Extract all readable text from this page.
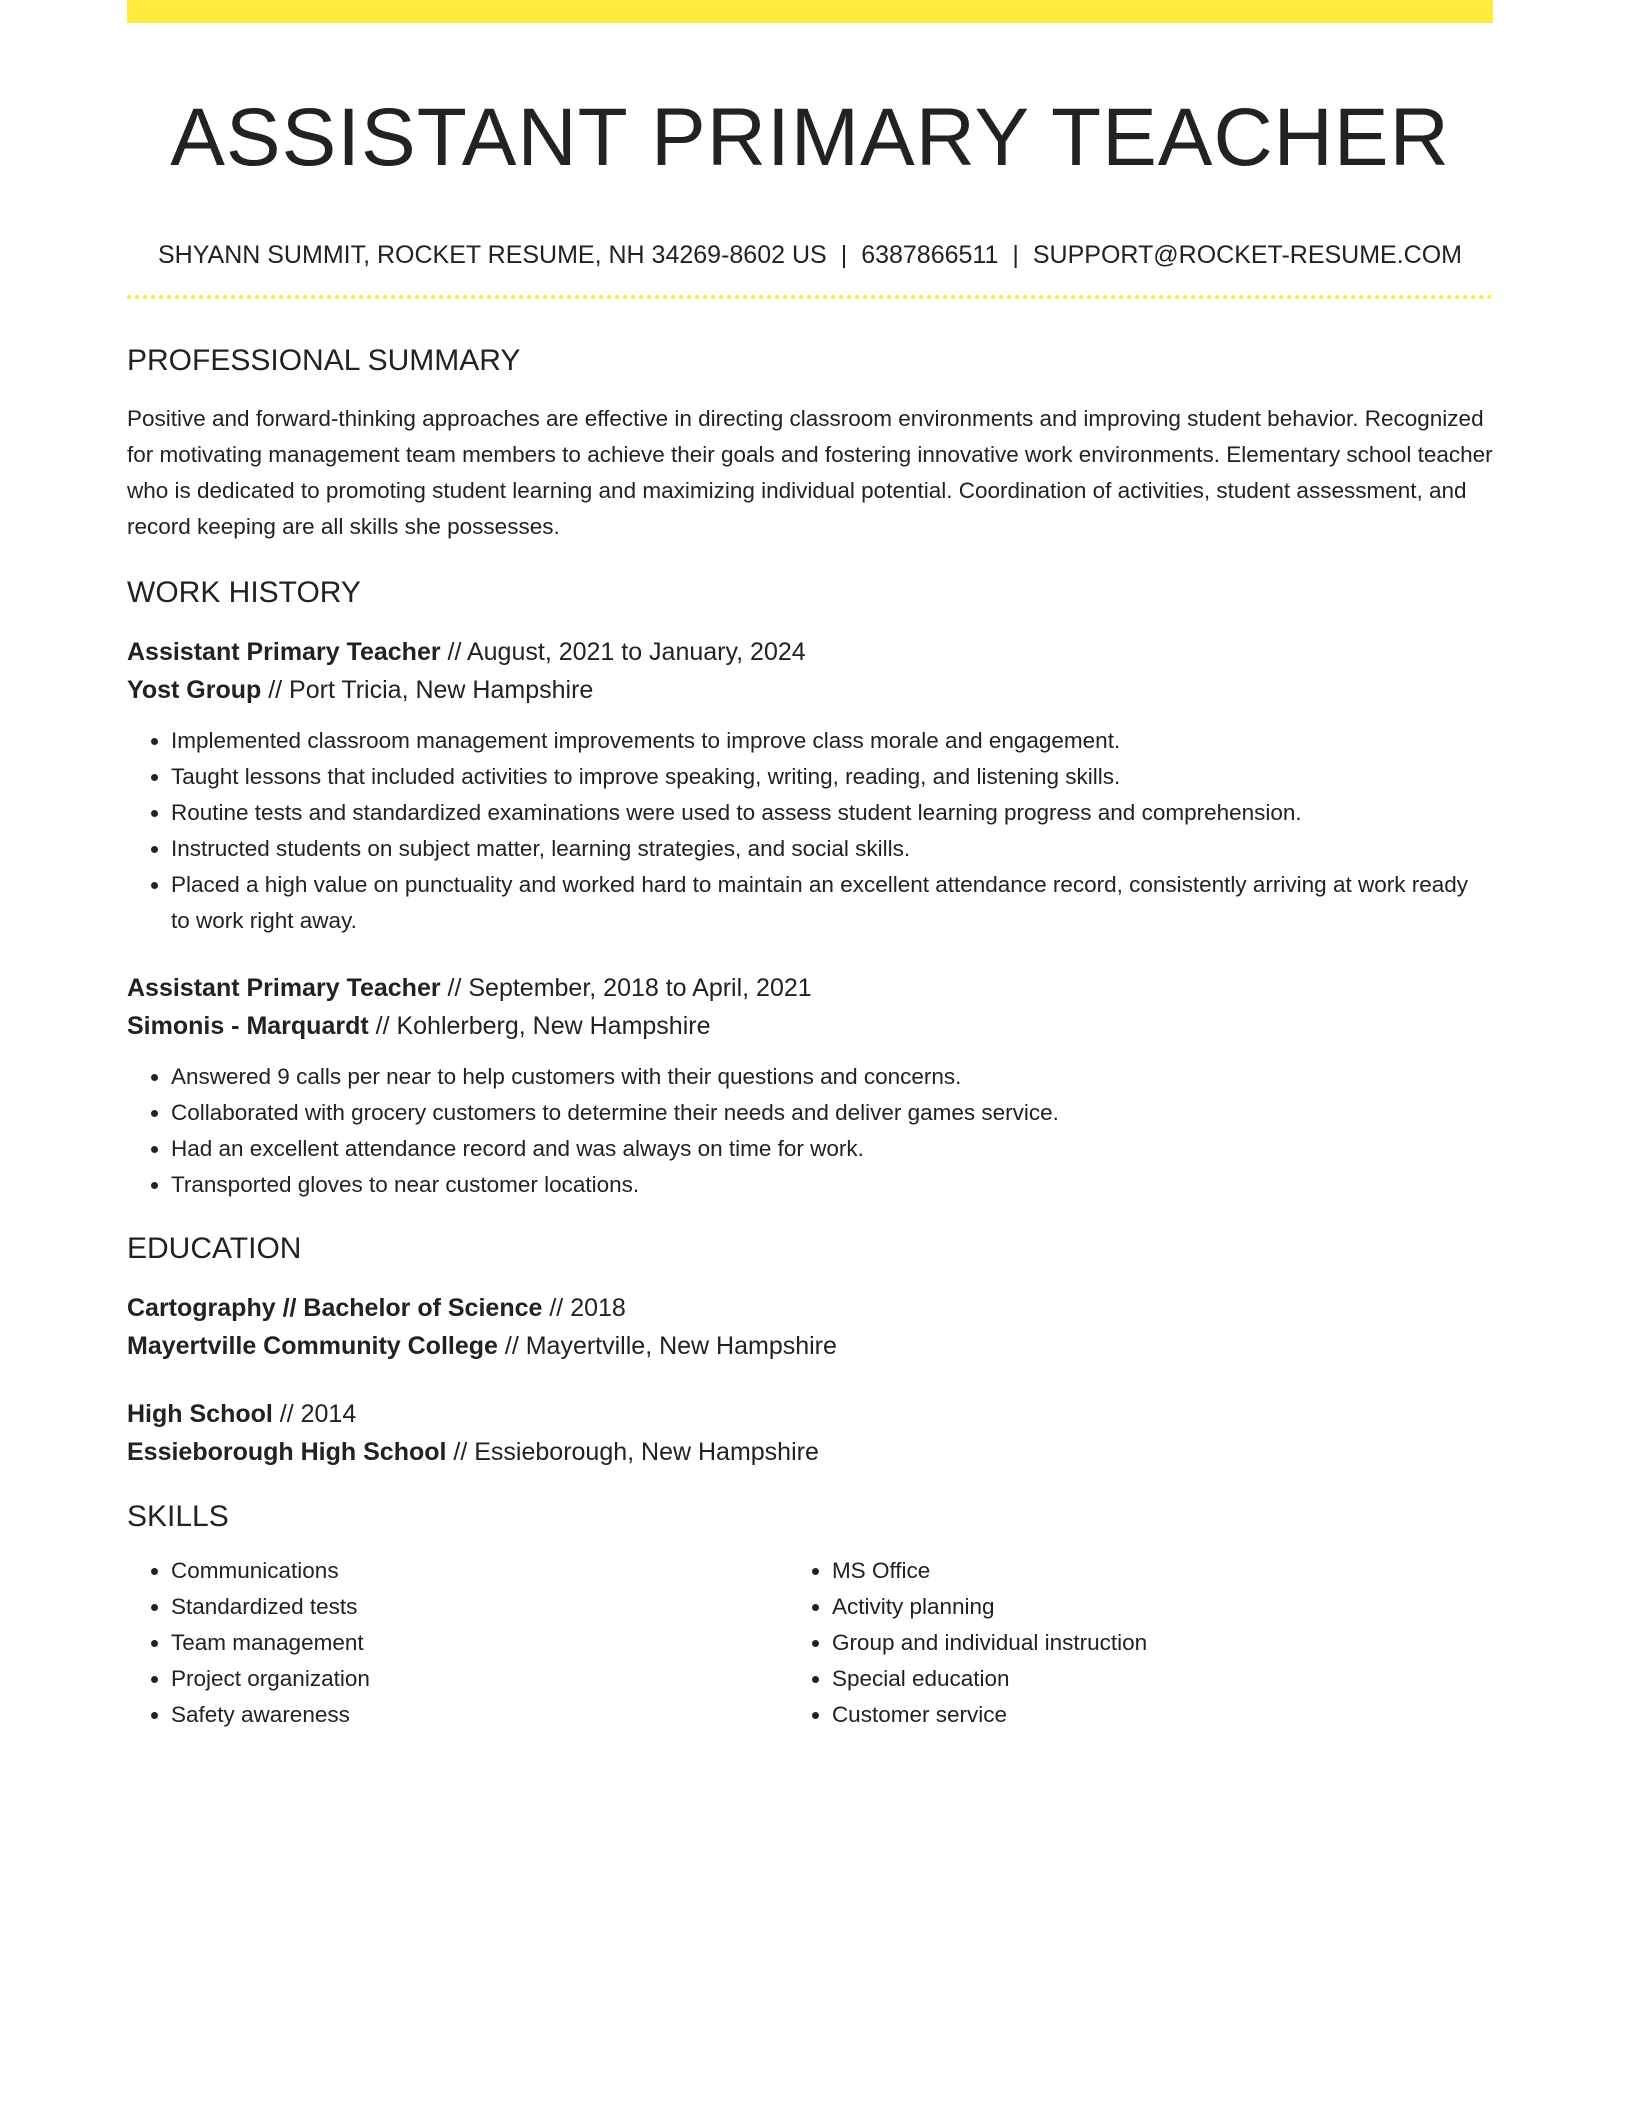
ASSISTANT PRIMARY TEACHER
SHYANN SUMMIT, ROCKET RESUME, NH 34269-8602 US | 6387866511 | SUPPORT@ROCKET-RESUME.COM
PROFESSIONAL SUMMARY
Positive and forward-thinking approaches are effective in directing classroom environments and improving student behavior. Recognized for motivating management team members to achieve their goals and fostering innovative work environments. Elementary school teacher who is dedicated to promoting student learning and maximizing individual potential. Coordination of activities, student assessment, and record keeping are all skills she possesses.
WORK HISTORY
Assistant Primary Teacher // August, 2021 to January, 2024
Yost Group // Port Tricia, New Hampshire
• Implemented classroom management improvements to improve class morale and engagement.
• Taught lessons that included activities to improve speaking, writing, reading, and listening skills.
• Routine tests and standardized examinations were used to assess student learning progress and comprehension.
• Instructed students on subject matter, learning strategies, and social skills.
• Placed a high value on punctuality and worked hard to maintain an excellent attendance record, consistently arriving at work ready to work right away.
Assistant Primary Teacher // September, 2018 to April, 2021
Simonis - Marquardt // Kohlerberg, New Hampshire
• Answered 9 calls per near to help customers with their questions and concerns.
• Collaborated with grocery customers to determine their needs and deliver games service.
• Had an excellent attendance record and was always on time for work.
• Transported gloves to near customer locations.
EDUCATION
Cartography // Bachelor of Science // 2018
Mayertville Community College // Mayertville, New Hampshire
High School // 2014
Essieborough High School // Essieborough, New Hampshire
SKILLS
• Communications
• Standardized tests
• Team management
• Project organization
• Safety awareness
• MS Office
• Activity planning
• Group and individual instruction
• Special education
• Customer service
